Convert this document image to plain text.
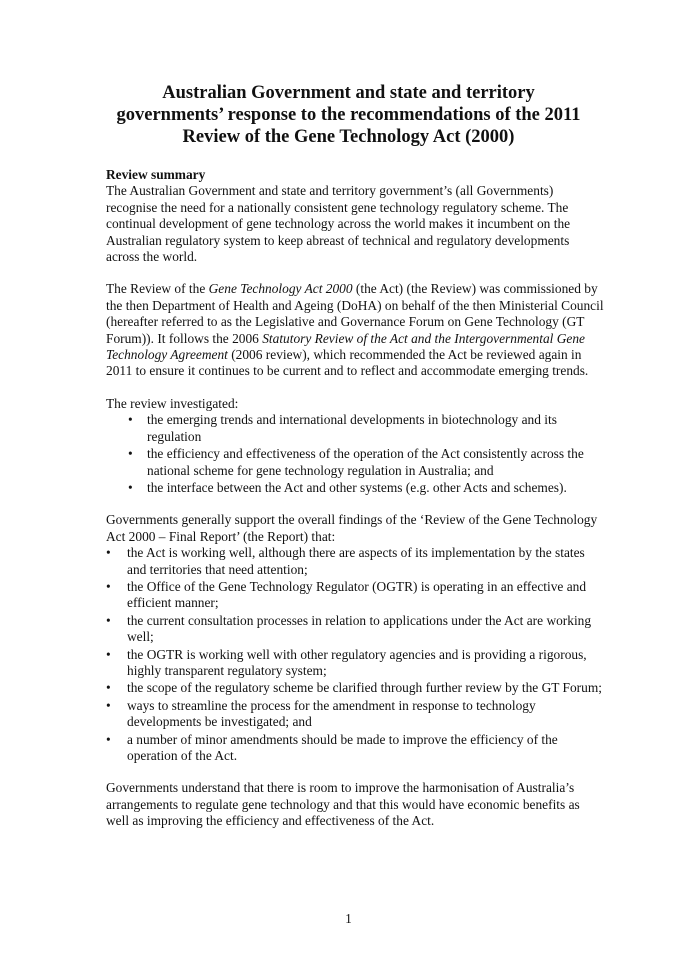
Australian Government and state and territory
governments’ response to the recommendations of the 2011
Review of the Gene Technology Act (2000)

Review summary

The Australian Government and state and territory government’s (all Governments) recognise the need for a nationally consistent gene technology regulatory scheme. The continual development of gene technology across the world makes it incumbent on the Australian regulatory system to keep abreast of technical and regulatory developments across the world.

The Review of the Gene Technology Act 2000 (the Act) (the Review) was commissioned by the then Department of Health and Ageing (DoHA) on behalf of the then Ministerial Council (hereafter referred to as the Legislative and Governance Forum on Gene Technology (GT Forum)). It follows the 2006 Statutory Review of the Act and the Intergovernmental Gene Technology Agreement (2006 review), which recommended the Act be reviewed again in 2011 to ensure it continues to be current and to reflect and accommodate emerging trends.

The review investigated:

• the emerging trends and international developments in biotechnology and its regulation
• the efficiency and effectiveness of the operation of the Act consistently across the national scheme for gene technology regulation in Australia; and
• the interface between the Act and other systems (e.g. other Acts and schemes).

Governments generally support the overall findings of the ‘Review of the Gene Technology Act 2000 – Final Report’ (the Report) that:

• the Act is working well, although there are aspects of its implementation by the states and territories that need attention;
• the Office of the Gene Technology Regulator (OGTR) is operating in an effective and efficient manner;
• the current consultation processes in relation to applications under the Act are working well;
• the OGTR is working well with other regulatory agencies and is providing a rigorous, highly transparent regulatory system;
• the scope of the regulatory scheme be clarified through further review by the GT Forum;
• ways to streamline the process for the amendment in response to technology developments be investigated; and
• a number of minor amendments should be made to improve the efficiency of the operation of the Act.

Governments understand that there is room to improve the harmonisation of Australia’s arrangements to regulate gene technology and that this would have economic benefits as well as improving the efficiency and effectiveness of the Act.

1
